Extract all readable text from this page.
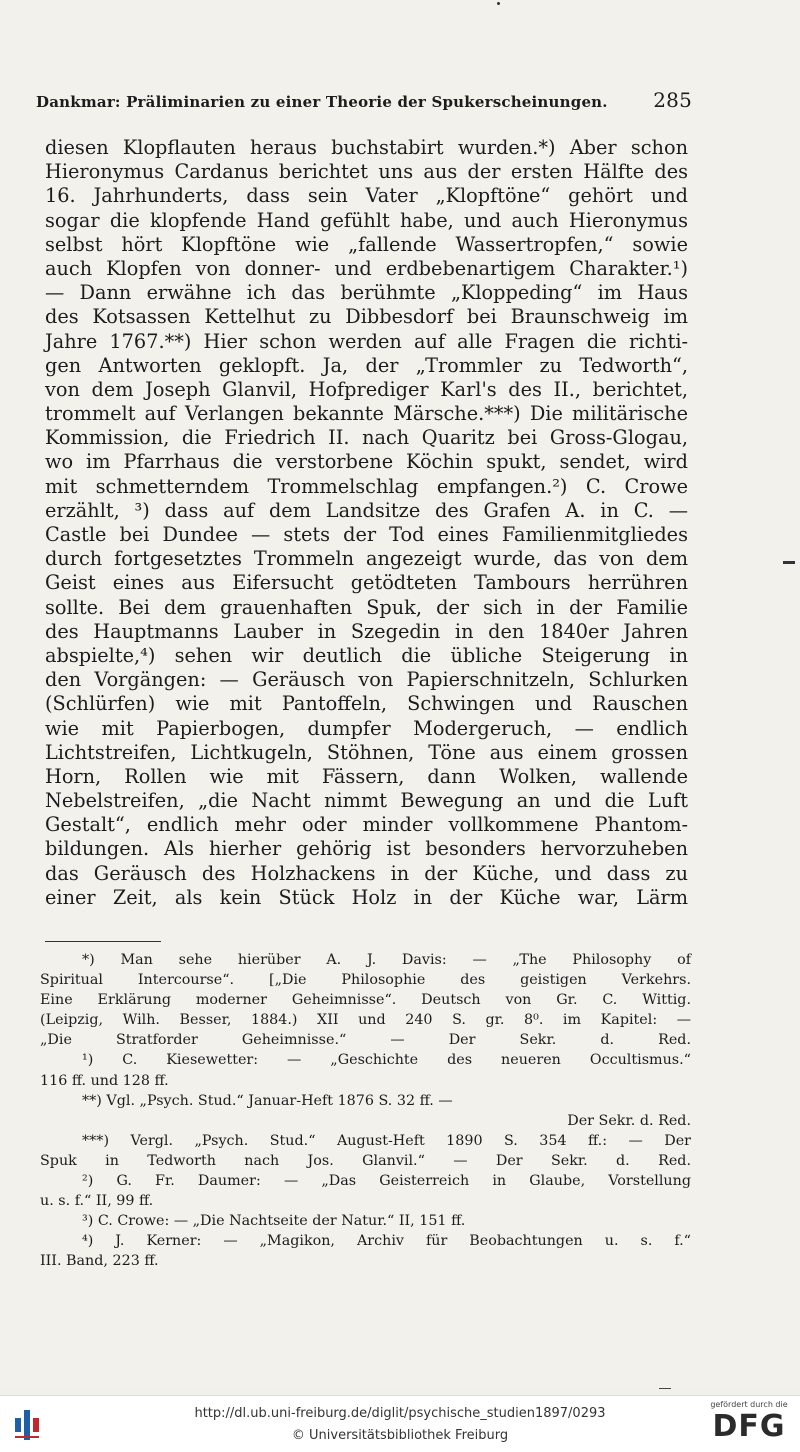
Dankmar: Präliminarien zu einer Theorie der Spukerscheinungen. 285
diesen Klopflauten heraus buchstabirt wurden.*) Aber schon
Hieronymus Cardanus berichtet uns aus der ersten Hälfte des
16. Jahrhunderts, dass sein Vater „Klopftöne“ gehört und
sogar die klopfende Hand gefühlt habe, und auch Hieronymus
selbst hört Klopftöne wie „fallende Wassertropfen,“ sowie
auch Klopfen von donner- und erdbebenartigem Charakter.¹)
— Dann erwähne ich das berühmte „Kloppeding“ im Haus
des Kotsassen Kettelhut zu Dibbesdorf bei Braunschweig im
Jahre 1767.**) Hier schon werden auf alle Fragen die richti-
gen Antworten geklopft. Ja, der „Trommler zu Tedworth“,
von dem Joseph Glanvil, Hofprediger Karl's des II., berichtet,
trommelt auf Verlangen bekannte Märsche.***) Die militärische
Kommission, die Friedrich II. nach Quaritz bei Gross-Glogau,
wo im Pfarrhaus die verstorbene Köchin spukt, sendet, wird
mit schmetterndem Trommelschlag empfangen.²) C. Crowe
erzählt, ³) dass auf dem Landsitze des Grafen A. in C. —
Castle bei Dundee — stets der Tod eines Familienmitgliedes
durch fortgesetztes Trommeln angezeigt wurde, das von dem
Geist eines aus Eifersucht getödteten Tambours herrühren
sollte. Bei dem grauenhaften Spuk, der sich in der Familie
des Hauptmanns Lauber in Szegedin in den 1840er Jahren
abspielte,⁴) sehen wir deutlich die übliche Steigerung in
den Vorgängen: — Geräusch von Papierschnitzeln, Schlurken
(Schlürfen) wie mit Pantoffeln, Schwingen und Rauschen
wie mit Papierbogen, dumpfer Modergeruch, — endlich
Lichtstreifen, Lichtkugeln, Stöhnen, Töne aus einem grossen
Horn, Rollen wie mit Fässern, dann Wolken, wallende
Nebelstreifen, „die Nacht nimmt Bewegung an und die Luft
Gestalt“, endlich mehr oder minder vollkommene Phantom-
bildungen. Als hierher gehörig ist besonders hervorzuheben
das Geräusch des Holzhackens in der Küche, und dass zu
einer Zeit, als kein Stück Holz in der Küche war, Lärm
*) Man sehe hierüber A. J. Davis: — „The Philosophy of
Spiritual Intercourse“. [„Die Philosophie des geistigen Verkehrs.
Eine Erklärung moderner Geheimnisse“. Deutsch von Gr. C. Wittig.
(Leipzig, Wilh. Besser, 1884.) XII und 240 S. gr. 8⁰. im Kapitel: —
„Die Stratforder Geheimnisse.“ — Der Sekr. d. Red.
¹) C. Kiesewetter: — „Geschichte des neueren Occultismus.“
116 ff. und 128 ff.
**) Vgl. „Psych. Stud.“ Januar-Heft 1876 S. 32 ff. —
Der Sekr. d. Red.
***) Vergl. „Psych. Stud.“ August-Heft 1890 S. 354 ff.: — Der
Spuk in Tedworth nach Jos. Glanvil.“ — Der Sekr. d. Red.
²) G. Fr. Daumer: — „Das Geisterreich in Glaube, Vorstellung
u. s. f.“ II, 99 ff.
³) C. Crowe: — „Die Nachtseite der Natur.“ II, 151 ff.
⁴) J. Kerner: — „Magikon, Archiv für Beobachtungen u. s. f.“
III. Band, 223 ff.
http://dl.ub.uni-freiburg.de/diglit/psychische_studien1897/0293
© Universitätsbibliothek Freiburg
gefördert durch die
DFG
